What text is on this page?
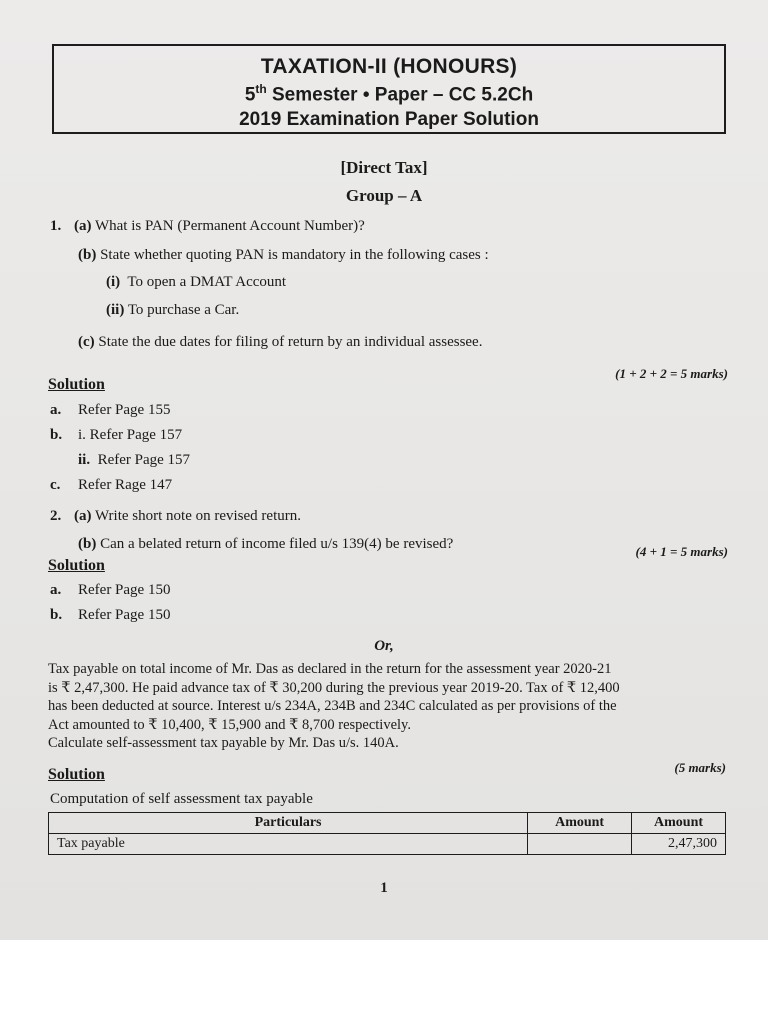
TAXATION-II (HONOURS)
5th Semester • Paper – CC 5.2Ch
2019 Examination Paper Solution
[Direct Tax]
Group – A
1. (a) What is PAN (Permanent Account Number)?
(b) State whether quoting PAN is mandatory in the following cases :
(i) To open a DMAT Account
(ii) To purchase a Car.
(c) State the due dates for filing of return by an individual assessee.
(1 + 2 + 2 = 5 marks)
Solution
a. Refer Page 155
b. i. Refer Page 157
ii. Refer Page 157
c. Refer Rage 147
2. (a) Write short note on revised return.
(b) Can a belated return of income filed u/s 139(4) be revised?	(4 + 1 = 5 marks)
Solution
a. Refer Page 150
b. Refer Page 150
Or,
Tax payable on total income of Mr. Das as declared in the return for the assessment year 2020-21
is ₹ 2,47,300. He paid advance tax of ₹ 30,200 during the previous year 2019-20. Tax of ₹ 12,400
has been deducted at source. Interest u/s 234A, 234B and 234C calculated as per provisions of the
Act amounted to ₹ 10,400, ₹ 15,900 and ₹ 8,700 respectively.
Calculate self-assessment tax payable by Mr. Das u/s. 140A.
(5 marks)
Solution
Computation of self assessment tax payable
Particulars	Amount	Amount
Tax payable		2,47,300
1
